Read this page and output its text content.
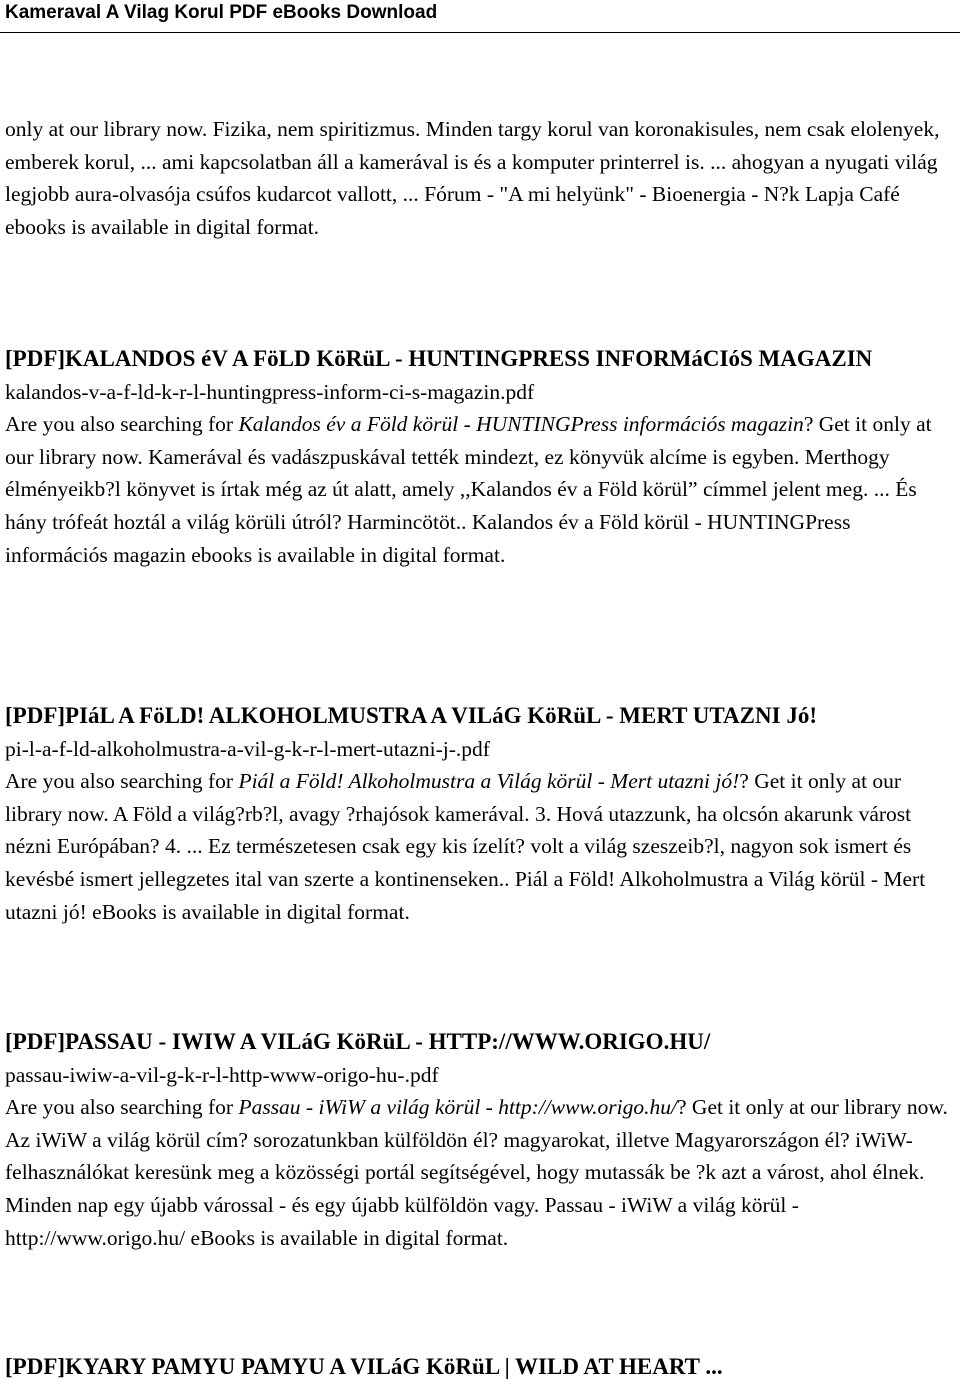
Kameraval A Vilag Korul PDF eBooks Download

only at our library now. Fizika, nem spiritizmus. Minden targy korul van koronakisules, nem csak elolenyek, emberek korul, ... ami kapcsolatban áll a kamerával is és a komputer printerrel is. ... ahogyan a nyugati világ legjobb aura-olvasója csúfos kudarcot vallott, ... Fórum - "A mi helyünk" - Bioenergia - N?k Lapja Café ebooks is available in digital format.

[PDF]KALANDOS éV A FöLD KöRüL - HUNTINGPRESS INFORMáCIóS MAGAZIN

kalandos-v-a-f-ld-k-r-l-huntingpress-inform-ci-s-magazin.pdf

Are you also searching for Kalandos év a Föld körül - HUNTINGPress információs magazin? Get it only at our library now. Kamerával és vadászpuskával tették mindezt, ez könyvük alcíme is egyben. Merthogy élményeikb?l könyvet is írtak még az út alatt, amely ,,Kalandos év a Föld körül” címmel jelent meg. ... És hány trófeát hoztál a világ körüli útról? Harmincötöt.. Kalandos év a Föld körül - HUNTINGPress információs magazin ebooks is available in digital format.

[PDF]PIáL A FöLD! ALKOHOLMUSTRA A VILáG KöRüL - MERT UTAZNI Jó!

pi-l-a-f-ld-alkoholmustra-a-vil-g-k-r-l-mert-utazni-j-.pdf

Are you also searching for Piál a Föld! Alkoholmustra a Világ körül - Mert utazni jó!? Get it only at our library now. A Föld a világ?rb?l, avagy ?rhajósok kamerával. 3. Hová utazzunk, ha olcsón akarunk várost nézni Európában? 4. ... Ez természetesen csak egy kis ízelít? volt a világ szeszeib?l, nagyon sok ismert és kevésbé ismert jellegzetes ital van szerte a kontinenseken.. Piál a Föld! Alkoholmustra a Világ körül - Mert utazni jó! eBooks is available in digital format.

[PDF]PASSAU - IWIW A VILáG KöRüL - HTTP://WWW.ORIGO.HU/

passau-iwiw-a-vil-g-k-r-l-http-www-origo-hu-.pdf

Are you also searching for Passau - iWiW a világ körül - http://www.origo.hu/? Get it only at our library now. Az iWiW a világ körül cím? sorozatunkban külföldön él? magyarokat, illetve Magyarországon él? iWiW-felhasználókat keresünk meg a közösségi portál segítségével, hogy mutassák be ?k azt a várost, ahol élnek. Minden nap egy újabb várossal - és egy újabb külföldön vagy. Passau - iWiW a világ körül - http://www.origo.hu/ eBooks is available in digital format.

[PDF]KYARY PAMYU PAMYU A VILáG KöRüL | WILD AT HEART ...
